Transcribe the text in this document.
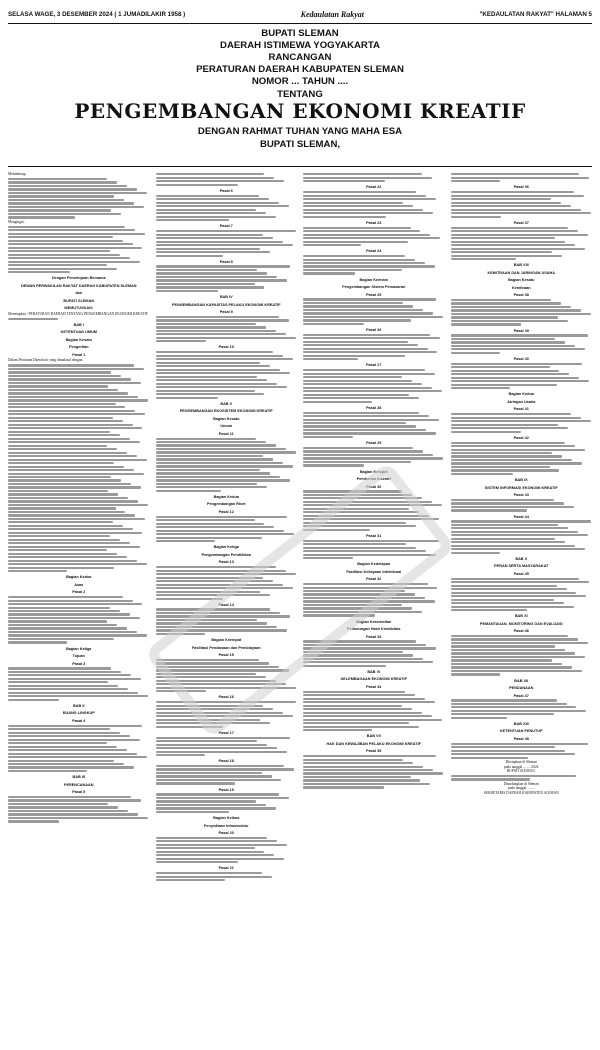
SELASA WAGE, 3 DESEMBER 2024 ( 1 JUMADILAKIR 1958 )	Kedaulatan Rakyat	"KEDAULATAN RAKYAT" HALAMAN 5
BUPATI SLEMAN
DAERAH ISTIMEWA YOGYAKARTA
RANCANGAN
PERATURAN DAERAH KABUPATEN SLEMAN
NOMOR ... TAHUN ....
TENTANG
PENGEMBANGAN EKONOMI KREATIF
DENGAN RAHMAT TUHAN YANG MAHA ESA
BUPATI SLEMAN,

Menimbang :

Mengingat :

Dengan Persetujuan Bersama
DEWAN PERWAKILAN RAKYAT DAERAH KABUPATEN SLEMAN
dan
BUPATI SLEMAN
MEMUTUSKAN:

Menetapkan : PERATURAN DAERAH TENTANG PENGEMBANGAN EKONOMI KREATIF

BAB I
KETENTUAN UMUM
Bagian Kesatu
Pengertian
Pasal 1

Dalam Peraturan Daerah ini yang dimaksud dengan:

Bagian Kedua
Asas
Pasal 2
Bagian Ketiga
Tujuan
Pasal 3
BAB II
RUANG LINGKUP
Pasal 4
BAB III
PERENCANAAN
Pasal 5
Pasal 6
Pasal 7
Pasal 8
BAB IV
PENGEMBANGAN KAPASITAS PELAKU EKONOMI KREATIF
Pasal 9
Pasal 10
BAB V
PENGEMBANGAN EKOSISTEM EKONOMI KREATIF
Bagian Kesatu
Umum
Pasal 11
Bagian Kedua
Pengembangan Riset
Pasal 12
Bagian Ketiga
Pengembangan Pendidikan
Pasal 13
Pasal 14
Bagian Keempat
Fasilitasi Pendanaan dan Pembiayaan
Pasal 15
Pasal 16
Pasal 17
Pasal 18
Pasal 19
Bagian Kelima
Penyediaan Infrastruktur
Pasal 20
Pasal 21
Pasal 22
Pasal 23
Pasal 24
Bagian Keenam
Pengembangan Sistem Pemasaran
Pasal 25
Pasal 26
Pasal 27
Pasal 28
Pasal 29
Bagian Ketujuh
Pemberian Insentif
Pasal 30
Pasal 31
Bagian Kedelapan
Fasilitasi Kekayaan Intelektual
Pasal 32
Bagian Kesembilan
Pelindungan Hasil Kreativitas
Pasal 33
BAB VI
KELEMBAGAAN EKONOMI KREATIF
Pasal 34
BAB VII
HAK DAN KEWAJIBAN PELAKU EKONOMI KREATIF
Pasal 35
Pasal 36
Pasal 37
BAB VIII
KEMITRAAN DAN JARINGAN USAHA
Bagian Kesatu
Kemitraan
Pasal 38
Pasal 39
Pasal 40
Bagian Kedua
Jaringan Usaha
Pasal 41
Pasal 42
BAB IX
SISTEM INFORMASI EKONOMI KREATIF
Pasal 43
Pasal 44
BAB X
PERAN SERTA MASYARAKAT
Pasal 45
BAB XI
PEMANTAUAN, MONITORING DAN EVALUASI
Pasal 46
BAB XII
PENDANAAN
Pasal 47
BAB XIII
KETENTUAN PENUTUP
Pasal 48
Ditetapkan di Sleman
pada tanggal ........ 2024
BUPATI SLEMAN,
Diundangkan di Sleman
pada tanggal ........
SEKRETARIS DAERAH KABUPATEN SLEMAN
